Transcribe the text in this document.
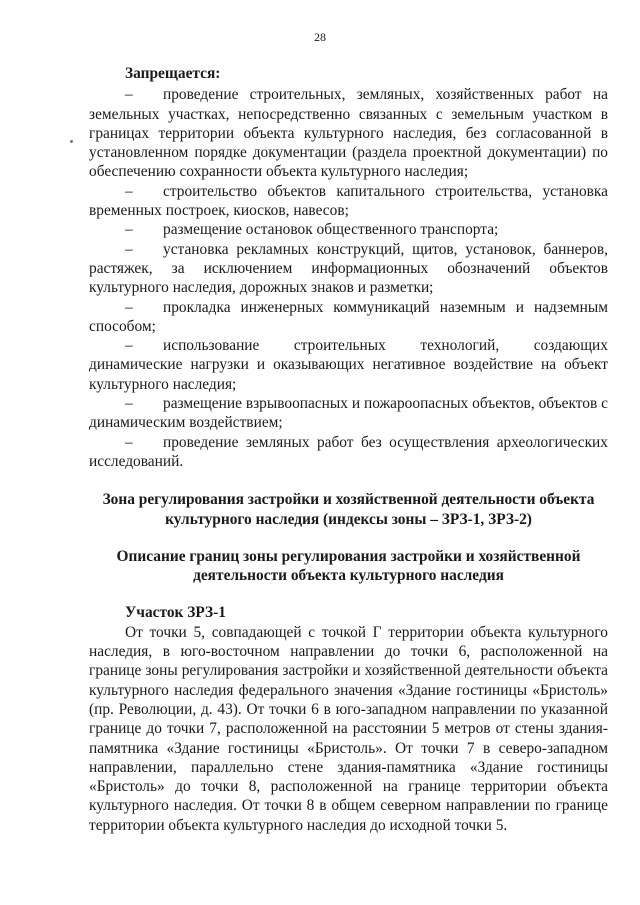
28

Запрещается:

– проведение строительных, земляных, хозяйственных работ на земельных участках, непосредственно связанных с земельным участком в границах территории объекта культурного наследия, без согласованной в установленном порядке документации (раздела проектной документации) по обеспечению сохранности объекта культурного наследия;

– строительство объектов капитального строительства, установка временных построек, киосков, навесов;

– размещение остановок общественного транспорта;

– установка рекламных конструкций, щитов, установок, баннеров, растяжек, за исключением информационных обозначений объектов культурного наследия, дорожных знаков и разметки;

– прокладка инженерных коммуникаций наземным и надземным способом;

– использование строительных технологий, создающих динамические нагрузки и оказывающих негативное воздействие на объект культурного наследия;

– размещение взрывоопасных и пожароопасных объектов, объектов с динамическим воздействием;

– проведение земляных работ без осуществления археологических исследований.

Зона регулирования застройки и хозяйственной деятельности объекта культурного наследия (индексы зоны – ЗРЗ-1, ЗРЗ-2)

Описание границ зоны регулирования застройки и хозяйственной деятельности объекта культурного наследия

Участок ЗРЗ-1

От точки 5, совпадающей с точкой Г территории объекта культурного наследия, в юго-восточном направлении до точки 6, расположенной на границе зоны регулирования застройки и хозяйственной деятельности объекта культурного наследия федерального значения «Здание гостиницы «Бристоль» (пр. Революции, д. 43). От точки 6 в юго-западном направлении по указанной границе до точки 7, расположенной на расстоянии 5 метров от стены здания-памятника «Здание гостиницы «Бристоль». От точки 7 в северо-западном направлении, параллельно стене здания-памятника «Здание гостиницы «Бристоль» до точки 8, расположенной на границе территории объекта культурного наследия. От точки 8 в общем северном направлении по границе территории объекта культурного наследия до исходной точки 5.
